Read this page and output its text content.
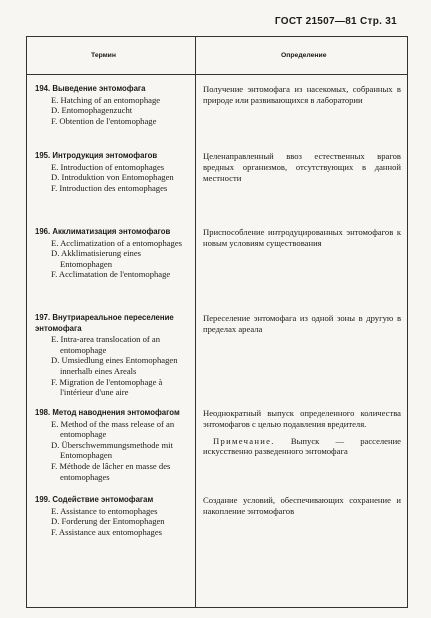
ГОСТ 21507—81 Стр. 31
Термин	Определение
194. Выведение энтомофага
E. Hatching of an entomophage
D. Entomophagenzucht
F. Obtention de l'entomophage
Получение энтомофага из насекомых, собранных в природе или развивающихся в лаборатории
195. Интродукция энтомофагов
E. Introduction of entomophages
D. Introduktion von Entomophagen
F. Introduction des entomophages
Целенаправленный ввоз естественных врагов вредных организмов, отсутствующих в данной местности
196. Акклиматизация энтомофагов
E. Acclimatization of a entomophages
D. Akklimatisierung eines Entomophagen
F. Acclimatation de l'entomophage
Приспособление интродуцированных энтомофагов к новым условиям существования
197. Внутриареальное переселение энтомофага
E. Intra-area translocation of an entomophage
D. Umsiedlung eines Entomophagen innerhalb eines Areals
F. Migration de l'entomophage à l'intérieur d'une aire
Переселение энтомофага из одной зоны в другую в пределах ареала
198. Метод наводнения энтомофагом
E. Method of the mass release of an entomophage
D. Überschwemmungsmethode mit Entomophagen
F. Méthode de lâcher en masse des entomophages
Неоднократный выпуск определенного количества энтомофагов с целью подавления вредителя.
Примечание. Выпуск — расселение искусственно разведенного энтомофага
199. Содействие энтомофагам
E. Assistance to entomophages
D. Forderung der Entomophagen
F. Assistance aux entomophages
Создание условий, обеспечивающих сохранение и накопление энтомофагов
